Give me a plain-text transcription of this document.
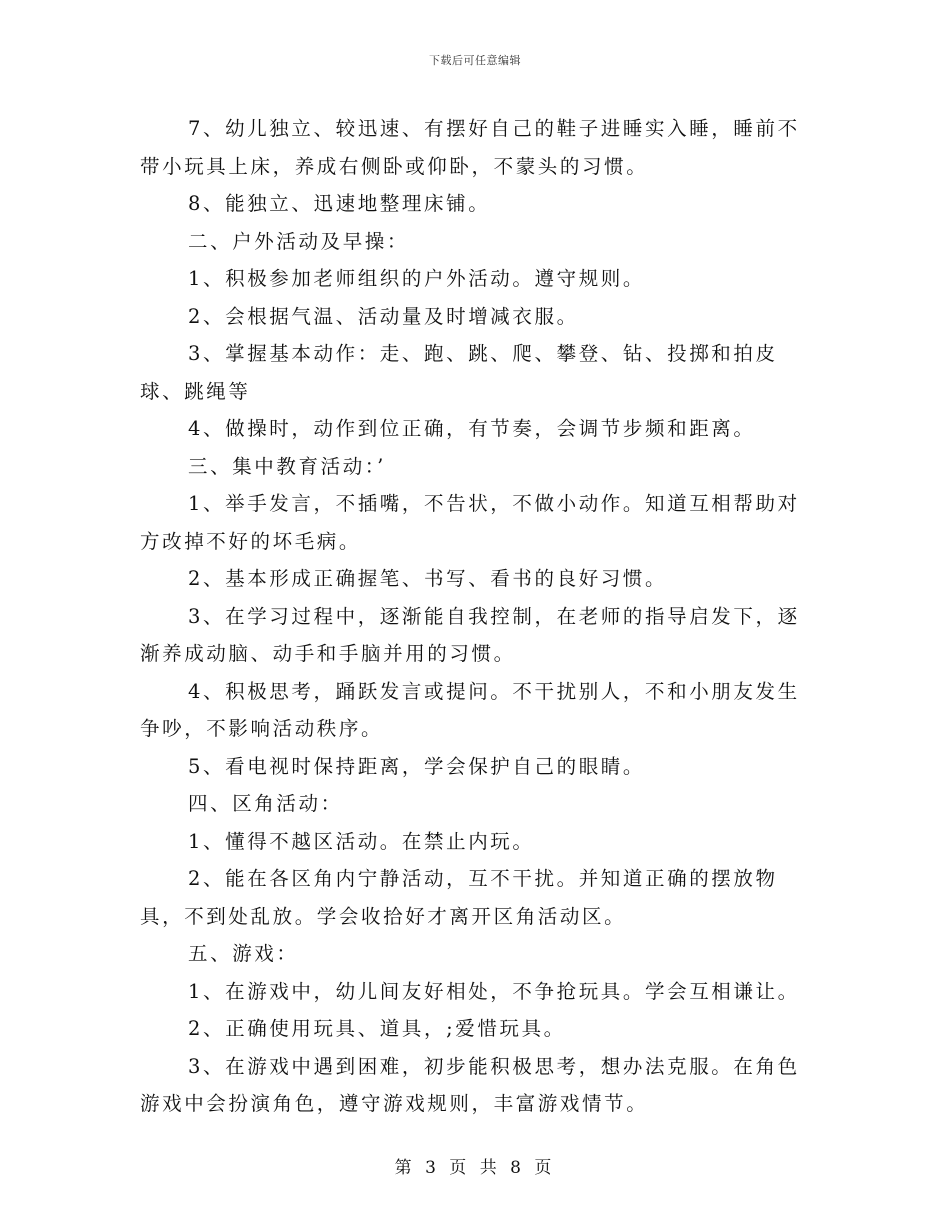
下载后可任意编辑

7、幼儿独立、较迅速、有摆好自己的鞋子进睡实入睡，睡前不带小玩具上床，养成右侧卧或仰卧，不蒙头的习惯。

8、能独立、迅速地整理床铺。

二、户外活动及早操：

1、积极参加老师组织的户外活动。遵守规则。

2、会根据气温、活动量及时增减衣服。

3、掌握基本动作：走、跑、跳、爬、攀登、钻、投掷和拍皮球、跳绳等

4、做操时，动作到位正确，有节奏，会调节步频和距离。

三、集中教育活动：’

1、举手发言，不插嘴，不告状，不做小动作。知道互相帮助对方改掉不好的坏毛病。

2、基本形成正确握笔、书写、看书的良好习惯。

3、在学习过程中，逐渐能自我控制，在老师的指导启发下，逐渐养成动脑、动手和手脑并用的习惯。

4、积极思考，踊跃发言或提问。不干扰别人，不和小朋友发生争吵，不影响活动秩序。

5、看电视时保持距离，学会保护自己的眼睛。

四、区角活动：

1、懂得不越区活动。在禁止内玩。

2、能在各区角内宁静活动，互不干扰。并知道正确的摆放物具，不到处乱放。学会收拾好才离开区角活动区。

五、游戏：

1、在游戏中，幼儿间友好相处，不争抢玩具。学会互相谦让。

2、正确使用玩具、道具，;爱惜玩具。

3、在游戏中遇到困难，初步能积极思考，想办法克服。在角色游戏中会扮演角色，遵守游戏规则，丰富游戏情节。

第 3 页 共 8 页
